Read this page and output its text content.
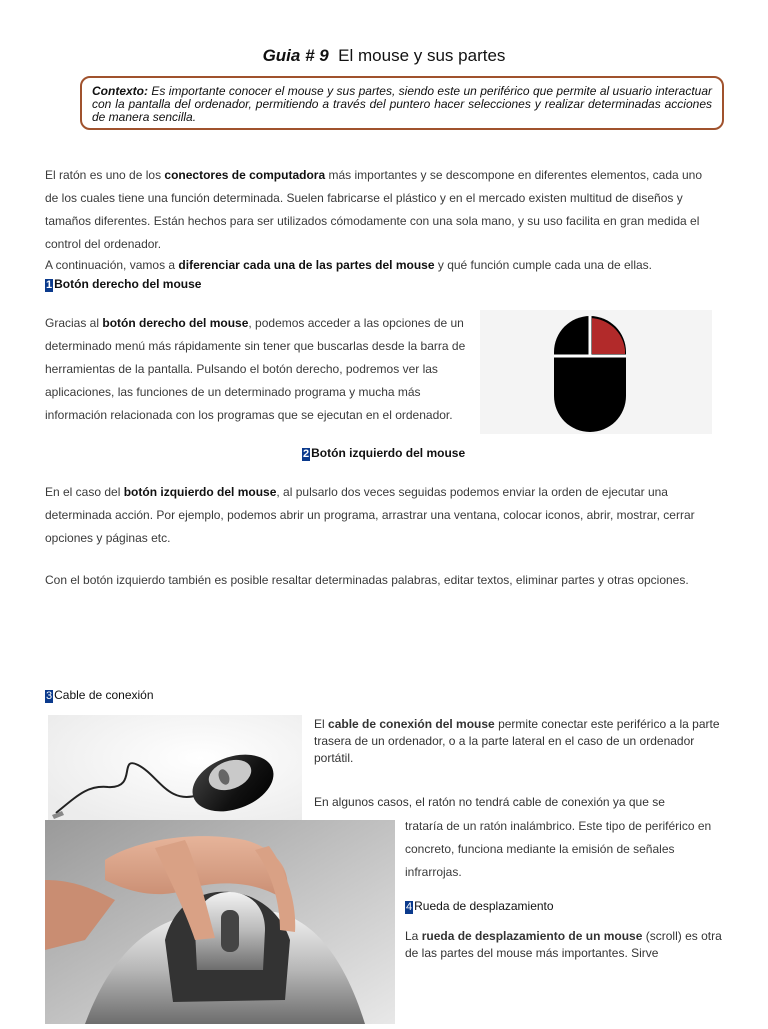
Guia # 9 El mouse y sus partes
Contexto: Es importante conocer el mouse y sus partes, siendo este un periférico que permite al usuario interactuar con la pantalla del ordenador, permitiendo a través del puntero hacer selecciones y realizar determinadas acciones de manera sencilla.
El ratón es uno de los conectores de computadora más importantes y se descompone en diferentes elementos, cada uno de los cuales tiene una función determinada. Suelen fabricarse el plástico y en el mercado existen multitud de diseños y tamaños diferentes. Están hechos para ser utilizados cómodamente con una sola mano, y su uso facilita en gran medida el control del ordenador.
A continuación, vamos a diferenciar cada una de las partes del mouse y qué función cumple cada una de ellas.
1 Botón derecho del mouse
Gracias al botón derecho del mouse, podemos acceder a las opciones de un determinado menú más rápidamente sin tener que buscarlas desde la barra de herramientas de la pantalla. Pulsando el botón derecho, podremos ver las aplicaciones, las funciones de un determinado programa y mucha más información relacionada con los programas que se ejecutan en el ordenador.
2 Botón izquierdo del mouse
En el caso del botón izquierdo del mouse, al pulsarlo dos veces seguidas podemos enviar la orden de ejecutar una determinada acción. Por ejemplo, podemos abrir un programa, arrastrar una ventana, colocar iconos, abrir, mostrar, cerrar opciones y páginas etc.
Con el botón izquierdo también es posible resaltar determinadas palabras, editar textos, eliminar partes y otras opciones.
3 Cable de conexión
El cable de conexión del mouse permite conectar este periférico a la parte trasera de un ordenador, o a la parte lateral en el caso de un ordenador portátil.
En algunos casos, el ratón no tendrá cable de conexión ya que se
trataría de un ratón inalámbrico. Este tipo de periférico en concreto, funciona mediante la emisión de señales infrarrojas.
4 Rueda de desplazamiento
La rueda de desplazamiento de un mouse (scroll) es otra de las partes del mouse más importantes. Sirve
